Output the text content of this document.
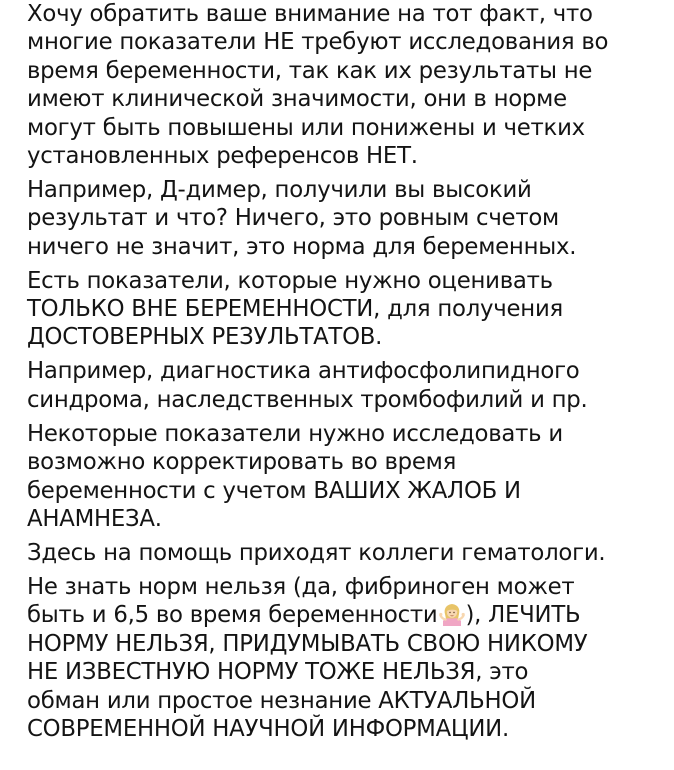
Хочу обратить ваше внимание на тот факт, что
многие показатели НЕ требуют исследования во
время беременности, так как их результаты не
имеют клинической значимости, они в норме
могут быть повышены или понижены и четких
установленных референсов НЕТ.

Например, Д-димер, получили вы высокий
результат и что? Ничего, это ровным счетом
ничего не значит, это норма для беременных.

Есть показатели, которые нужно оценивать
ТОЛЬКО ВНЕ БЕРЕМЕННОСТИ, для получения
ДОСТОВЕРНЫХ РЕЗУЛЬТАТОВ.

Например, диагностика антифосфолипидного
синдрома, наследственных тромбофилий и пр.

Некоторые показатели нужно исследовать и
возможно корректировать во время
беременности с учетом ВАШИХ ЖАЛОБ И
АНАМНЕЗА.

Здесь на помощь приходят коллеги гематологи.

Не знать норм нельзя (да, фибриноген может
быть и 6,5 во время беременности ), ЛЕЧИТЬ
НОРМУ НЕЛЬЗЯ, ПРИДУМЫВАТЬ СВОЮ НИКОМУ
НЕ ИЗВЕСТНУЮ НОРМУ ТОЖЕ НЕЛЬЗЯ, это
обман или простое незнание АКТУАЛЬНОЙ
СОВРЕМЕННОЙ НАУЧНОЙ ИНФОРМАЦИИ.
